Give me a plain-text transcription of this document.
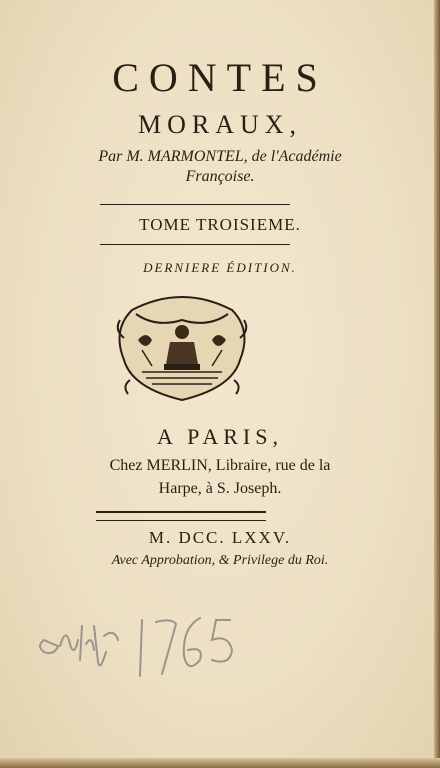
CONTES
MORAUX,
Par M. MARMONTEL, de l'Académie
Françoise.
TOME TROISIEME.
DERNIERE ÉDITION.
A PARIS,
Chez MERLIN, Libraire, rue de la
Harpe, à S. Joseph.
M. DCC. LXXV.
Avec Approbation, & Privilege du Roi.
